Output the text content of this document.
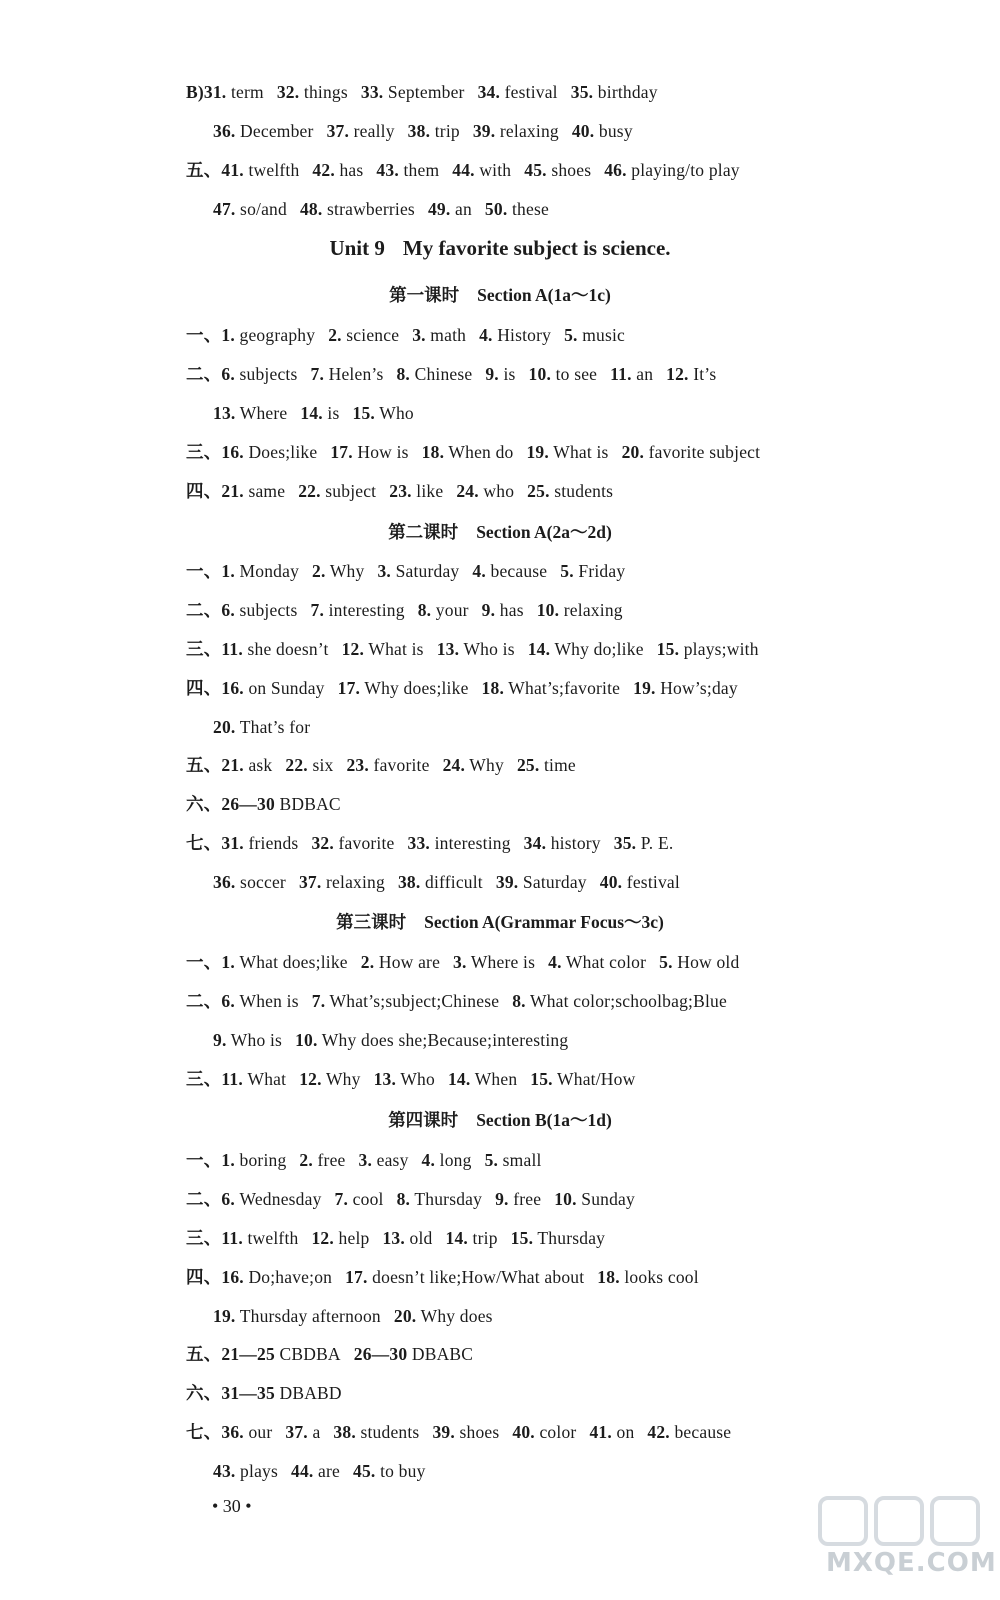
B)31. term 32. things 33. September 34. festival 35. birthday
36. December 37. really 38. trip 39. relaxing 40. busy
五、41. twelfth 42. has 43. them 44. with 45. shoes 46. playing/to play
47. so/and 48. strawberries 49. an 50. these
Unit 9 My favorite subject is science.
第一课时 Section A(1a～1c)
一、1. geography 2. science 3. math 4. History 5. music
二、6. subjects 7. Helen’s 8. Chinese 9. is 10. to see 11. an 12. It’s
13. Where 14. is 15. Who
三、16. Does;like 17. How is 18. When do 19. What is 20. favorite subject
四、21. same 22. subject 23. like 24. who 25. students
第二课时 Section A(2a～2d)
一、1. Monday 2. Why 3. Saturday 4. because 5. Friday
二、6. subjects 7. interesting 8. your 9. has 10. relaxing
三、11. she doesn’t 12. What is 13. Who is 14. Why do;like 15. plays;with
四、16. on Sunday 17. Why does;like 18. What’s;favorite 19. How’s;day
20. That’s for
五、21. ask 22. six 23. favorite 24. Why 25. time
六、26—30 BDBAC
七、31. friends 32. favorite 33. interesting 34. history 35. P. E.
36. soccer 37. relaxing 38. difficult 39. Saturday 40. festival
第三课时 Section A(Grammar Focus～3c)
一、1. What does;like 2. How are 3. Where is 4. What color 5. How old
二、6. When is 7. What’s;subject;Chinese 8. What color;schoolbag;Blue
9. Who is 10. Why does she;Because;interesting
三、11. What 12. Why 13. Who 14. When 15. What/How
第四课时 Section B(1a～1d)
一、1. boring 2. free 3. easy 4. long 5. small
二、6. Wednesday 7. cool 8. Thursday 9. free 10. Sunday
三、11. twelfth 12. help 13. old 14. trip 15. Thursday
四、16. Do;have;on 17. doesn’t like;How/What about 18. looks cool
19. Thursday afternoon 20. Why does
五、21—25 CBDBA 26—30 DBABC
六、31—35 DBABD
七、36. our 37. a 38. students 39. shoes 40. color 41. on 42. because
43. plays 44. are 45. to buy
• 30 •
MXQE.COM
